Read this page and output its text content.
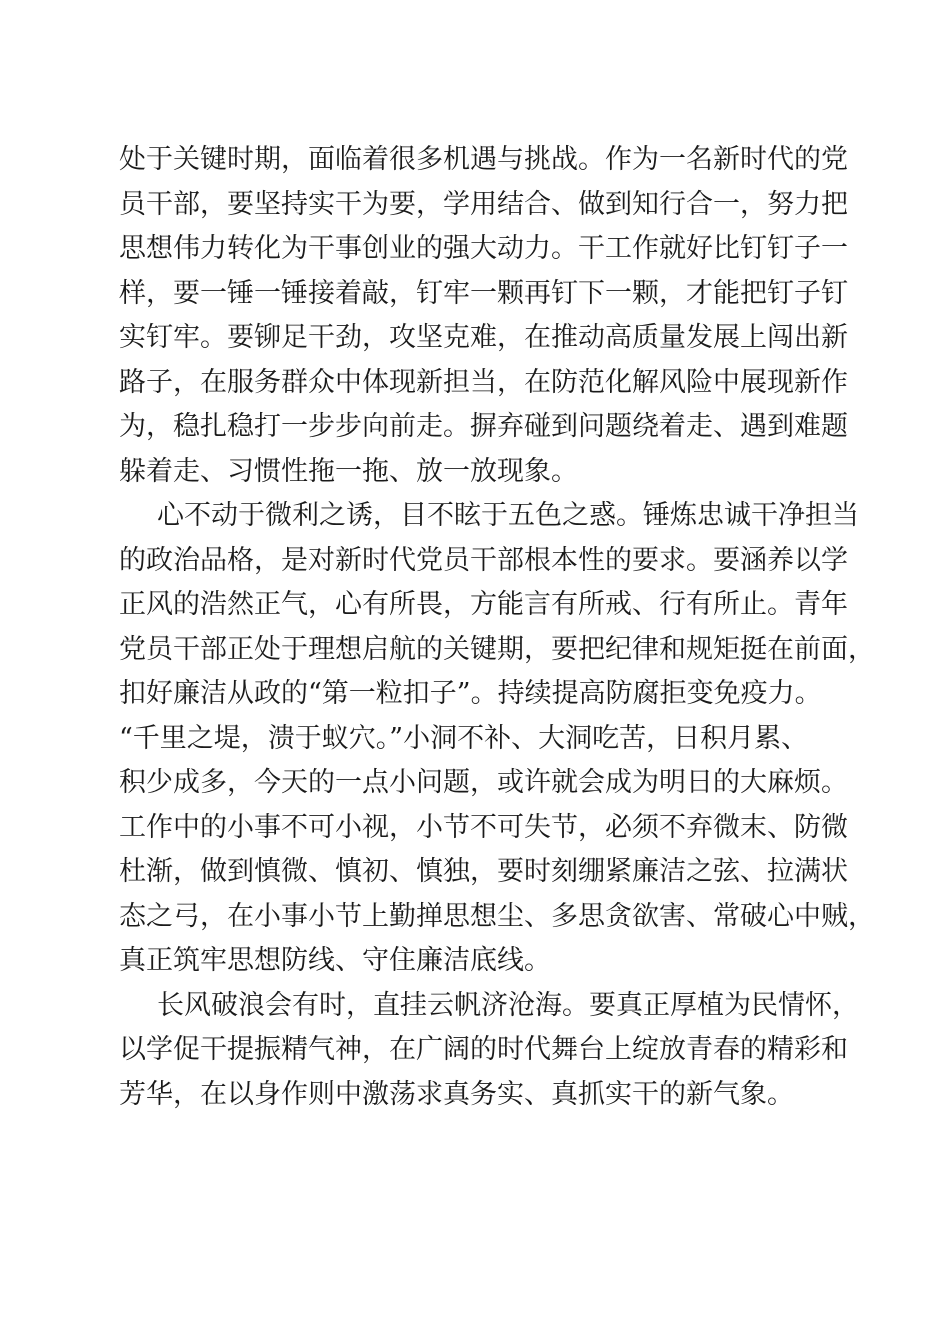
处于关键时期，面临着很多机遇与挑战。作为一名新时代的党
员干部，要坚持实干为要，学用结合、做到知行合一，努力把
思想伟力转化为干事创业的强大动力。干工作就好比钉钉子一
样，要一锤一锤接着敲，钉牢一颗再钉下一颗，才能把钉子钉
实钉牢。要铆足干劲，攻坚克难，在推动高质量发展上闯出新
路子，在服务群众中体现新担当，在防范化解风险中展现新作
为，稳扎稳打一步步向前走。摒弃碰到问题绕着走、遇到难题
躲着走、习惯性拖一拖、放一放现象。
心不动于微利之诱，目不眩于五色之惑。锤炼忠诚干净担当
的政治品格，是对新时代党员干部根本性的要求。要涵养以学
正风的浩然正气，心有所畏，方能言有所戒、行有所止。青年
党员干部正处于理想启航的关键期，要把纪律和规矩挺在前面，
扣好廉洁从政的“第一粒扣子”。持续提高防腐拒变免疫力。
“千里之堤，溃于蚁穴。”小洞不补、大洞吃苦，日积月累、
积少成多，今天的一点小问题，或许就会成为明日的大麻烦。
工作中的小事不可小视，小节不可失节，必须不弃微末、防微
杜渐，做到慎微、慎初、慎独，要时刻绷紧廉洁之弦、拉满状
态之弓，在小事小节上勤掸思想尘、多思贪欲害、常破心中贼，
真正筑牢思想防线、守住廉洁底线。
长风破浪会有时，直挂云帆济沧海。要真正厚植为民情怀，
以学促干提振精气神，在广阔的时代舞台上绽放青春的精彩和
芳华，在以身作则中激荡求真务实、真抓实干的新气象。
